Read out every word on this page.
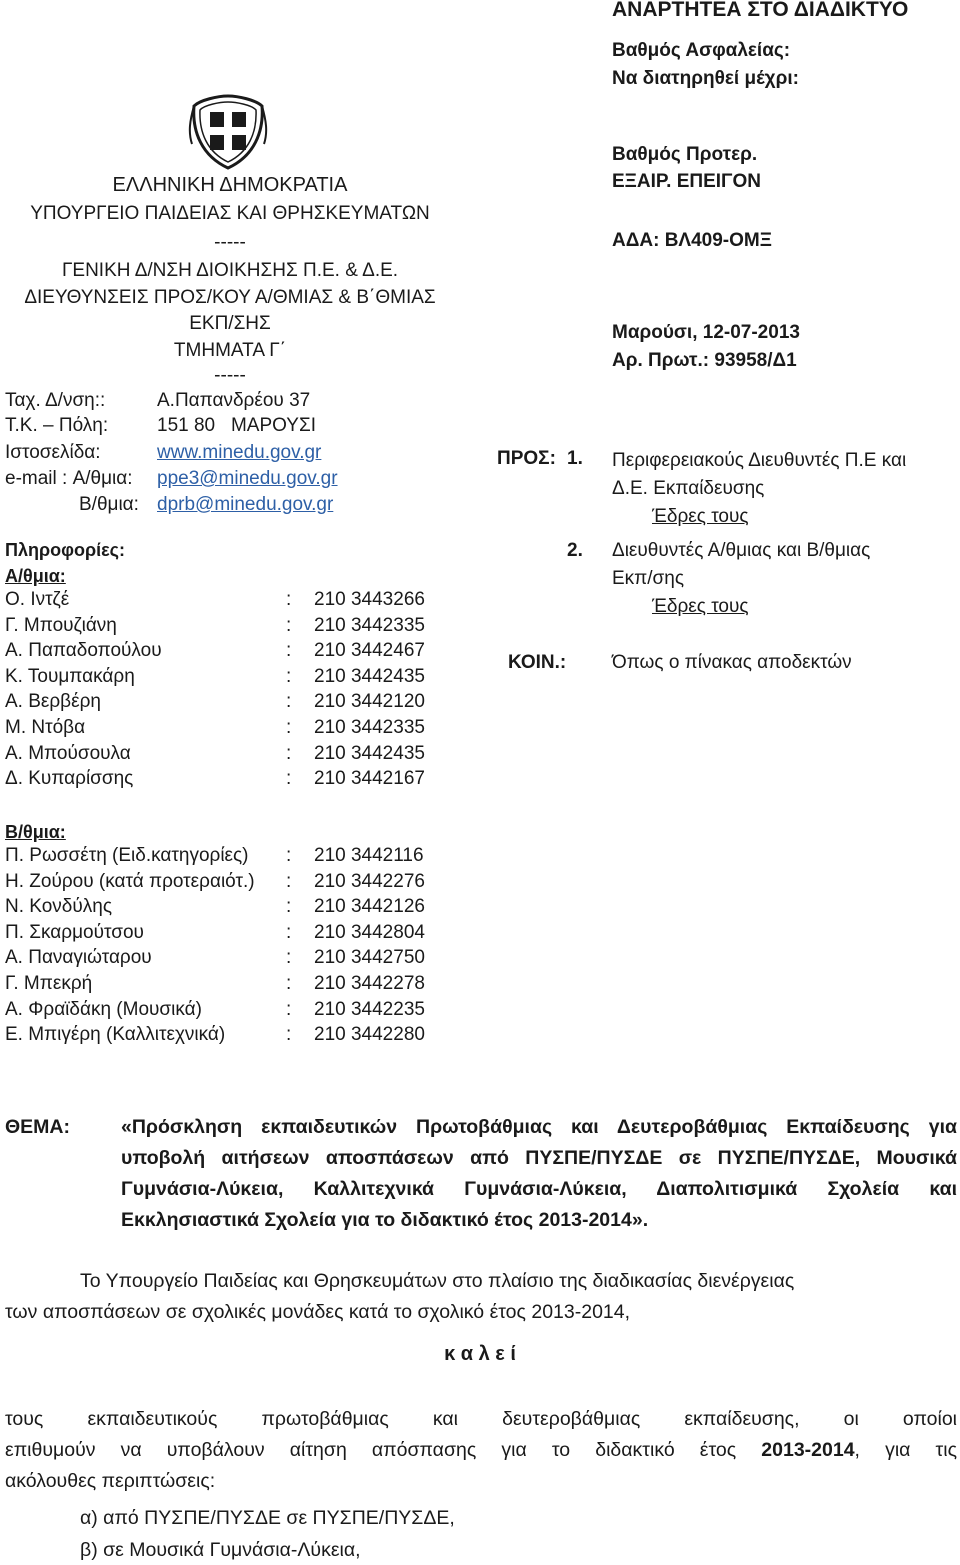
ΑΝΑΡΤΗΤΕΑ ΣΤΟ ΔΙΑΔΙΚΤΥΟ
Βαθμός Ασφαλείας:
Να διατηρηθεί μέχρι:
Βαθμός Προτερ.
ΕΞΑΙΡ. ΕΠΕΙΓΟΝ
ΑΔΑ: ΒΛ409-ΟΜΞ
Μαρούσι, 12-07-2013
Αρ. Πρωτ.: 93958/Δ1
ΕΛΛΗΝΙΚΗ ΔΗΜΟΚΡΑΤΙΑ
ΥΠΟΥΡΓΕΙΟ ΠΑΙΔΕΙΑΣ ΚΑΙ ΘΡΗΣΚΕΥΜΑΤΩΝ
-----
ΓΕΝΙΚΗ Δ/ΝΣΗ ΔΙΟΙΚΗΣΗΣ Π.Ε. & Δ.Ε.
ΔΙΕΥΘΥΝΣΕΙΣ ΠΡΟΣ/ΚΟΥ Α/ΘΜΙΑΣ & Β΄ΘΜΙΑΣ
ΕΚΠ/ΣΗΣ
ΤΜΗΜΑΤΑ Γ΄
-----
Ταχ. Δ/νση::	Α.Παπανδρέου 37
Τ.Κ. – Πόλη:	151 80   ΜΑΡΟΥΣΙ
Ιστοσελίδα:	www.minedu.gov.gr
e-mail : Α/θμια: ppe3@minedu.gov.gr
Β/θμια: dprb@minedu.gov.gr
Πληροφορίες:
Α/θμια:
Ο. Ιντζέ	: 210 3443266
Γ. Μπουζιάνη	: 210 3442335
Α. Παπαδοπούλου	: 210 3442467
Κ. Τουμπακάρη	: 210 3442435
Α. Βερβέρη	: 210 3442120
Μ. Ντόβα	: 210 3442335
Α. Μπούσουλα	: 210 3442435
Δ. Κυπαρίσσης	: 210 3442167
Β/θμια:
Π. Ρωσσέτη (Ειδ.κατηγορίες) : 210 3442116
Η. Ζούρου (κατά προτεραιότ.) : 210 3442276
Ν. Κονδύλης	: 210 3442126
Π. Σκαρμούτσου	: 210 3442804
Α. Παναγιώταρου	: 210 3442750
Γ. Μπεκρή	: 210 3442278
Α. Φραϊδάκη (Μουσικά)	: 210 3442235
Ε. Μπιγέρη (Καλλιτεχνικά)	: 210 3442280
ΠΡΟΣ: 1. Περιφερειακούς Διευθυντές Π.Ε και
Δ.Ε. Εκπαίδευσης
Έδρες τους
2. Διευθυντές Α/θμιας και Β/θμιας
Εκπ/σης
Έδρες τους
ΚΟΙΝ.: Όπως ο πίνακας αποδεκτών
ΘΕΜΑ:	«Πρόσκληση εκπαιδευτικών Πρωτοβάθμιας και Δευτεροβάθμιας Εκπαίδευσης για υποβολή αιτήσεων αποσπάσεων από ΠΥΣΠΕ/ΠΥΣΔΕ σε ΠΥΣΠΕ/ΠΥΣΔΕ, Μουσικά Γυμνάσια-Λύκεια, Καλλιτεχνικά Γυμνάσια-Λύκεια, Διαπολιτισμικά Σχολεία και
Εκκλησιαστικά Σχολεία για το διδακτικό έτος 2013-2014».
Το Υπουργείο Παιδείας και Θρησκευμάτων στο πλαίσιο της διαδικασίας διενέργειας
των αποσπάσεων σε σχολικές μονάδες κατά το σχολικό έτος 2013-2014,
κ α λ ε ί
τους εκπαιδευτικούς πρωτοβάθμιας και δευτεροβάθμιας εκπαίδευσης, οι οποίοι
επιθυμούν να υποβάλουν αίτηση απόσπασης για το διδακτικό έτος 2013-2014, για τις
ακόλουθες περιπτώσεις:
α) από ΠΥΣΠΕ/ΠΥΣΔΕ σε ΠΥΣΠΕ/ΠΥΣΔΕ,
β) σε Μουσικά Γυμνάσια-Λύκεια,
